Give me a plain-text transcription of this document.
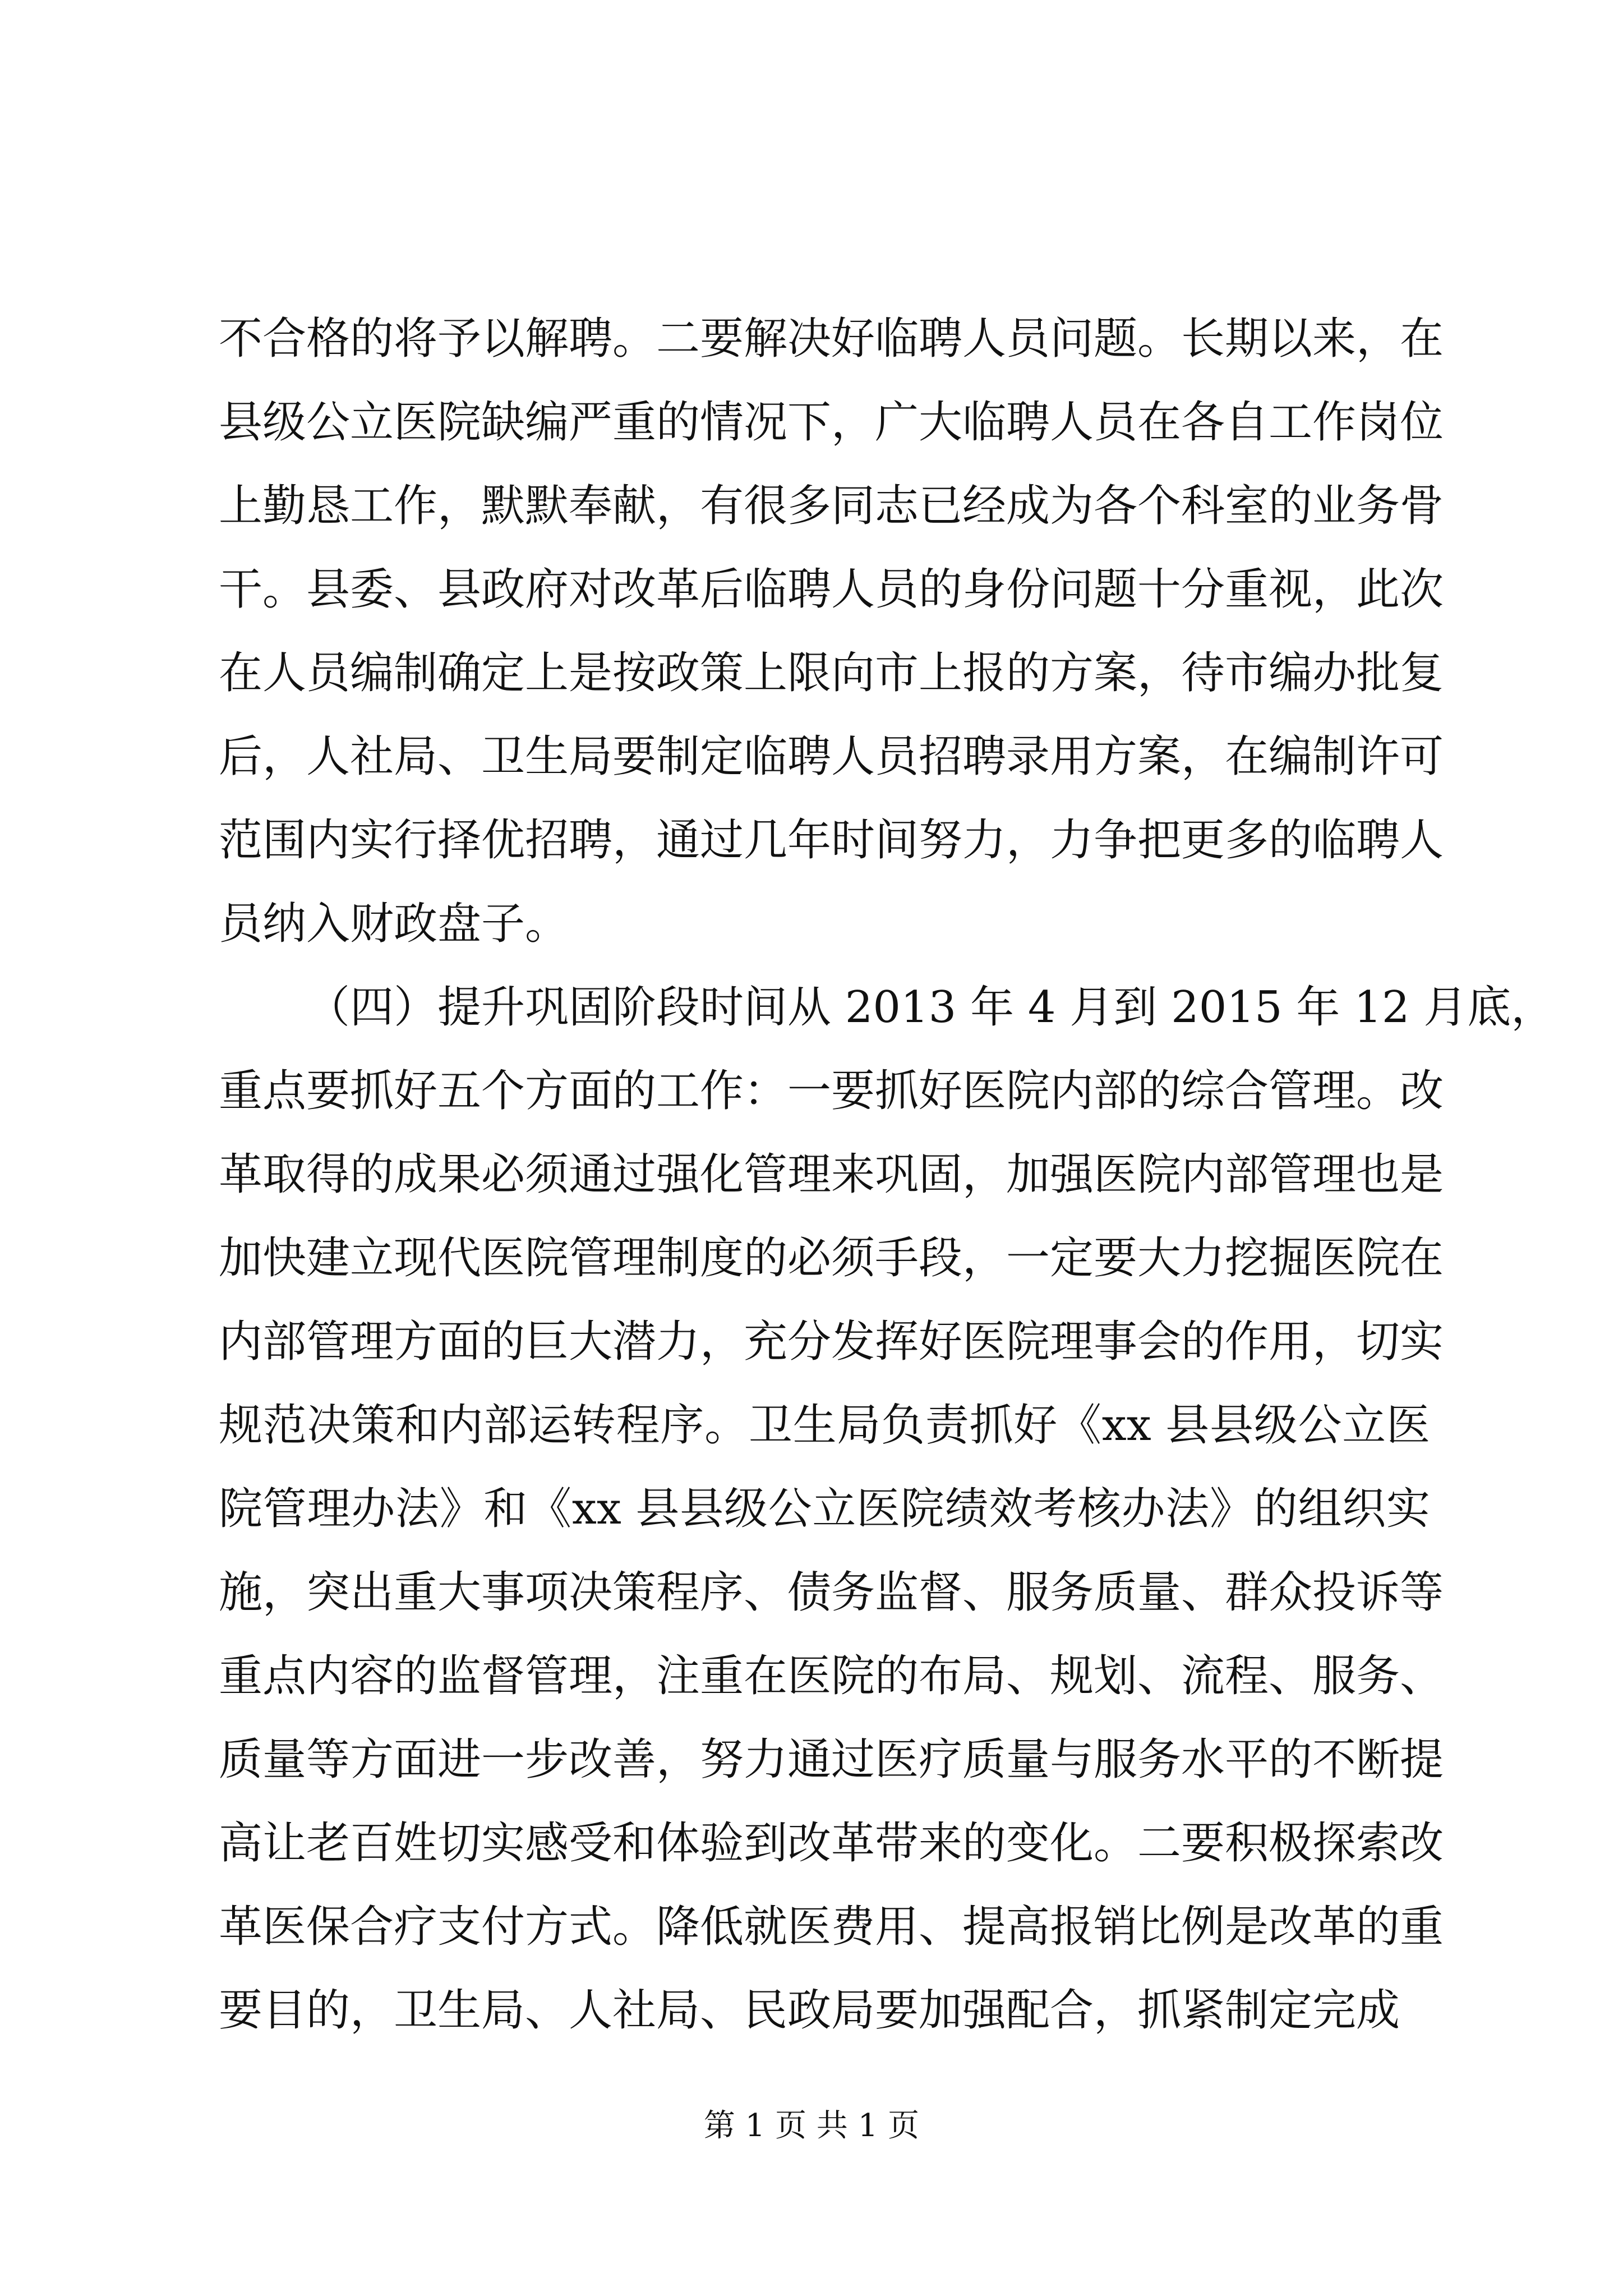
不合格的将予以解聘。二要解决好临聘人员问题。长期以来，在
县级公立医院缺编严重的情况下，广大临聘人员在各自工作岗位
上勤恳工作，默默奉献，有很多同志已经成为各个科室的业务骨
干。县委、县政府对改革后临聘人员的身份问题十分重视，此次
在人员编制确定上是按政策上限向市上报的方案，待市编办批复
后，人社局、卫生局要制定临聘人员招聘录用方案，在编制许可
范围内实行择优招聘，通过几年时间努力，力争把更多的临聘人
员纳入财政盘子。
（四）提升巩固阶段时间从 2013 年 4 月到 2015 年 12 月底，
重点要抓好五个方面的工作：一要抓好医院内部的综合管理。改
革取得的成果必须通过强化管理来巩固，加强医院内部管理也是
加快建立现代医院管理制度的必须手段，一定要大力挖掘医院在
内部管理方面的巨大潜力，充分发挥好医院理事会的作用，切实
规范决策和内部运转程序。卫生局负责抓好《xx 县县级公立医
院管理办法》和《xx 县县级公立医院绩效考核办法》的组织实
施，突出重大事项决策程序、债务监督、服务质量、群众投诉等
重点内容的监督管理，注重在医院的布局、规划、流程、服务、
质量等方面进一步改善，努力通过医疗质量与服务水平的不断提
高让老百姓切实感受和体验到改革带来的变化。二要积极探索改
革医保合疗支付方式。降低就医费用、提高报销比例是改革的重
要目的，卫生局、人社局、民政局要加强配合，抓紧制定完成
第 1 页 共 1 页
